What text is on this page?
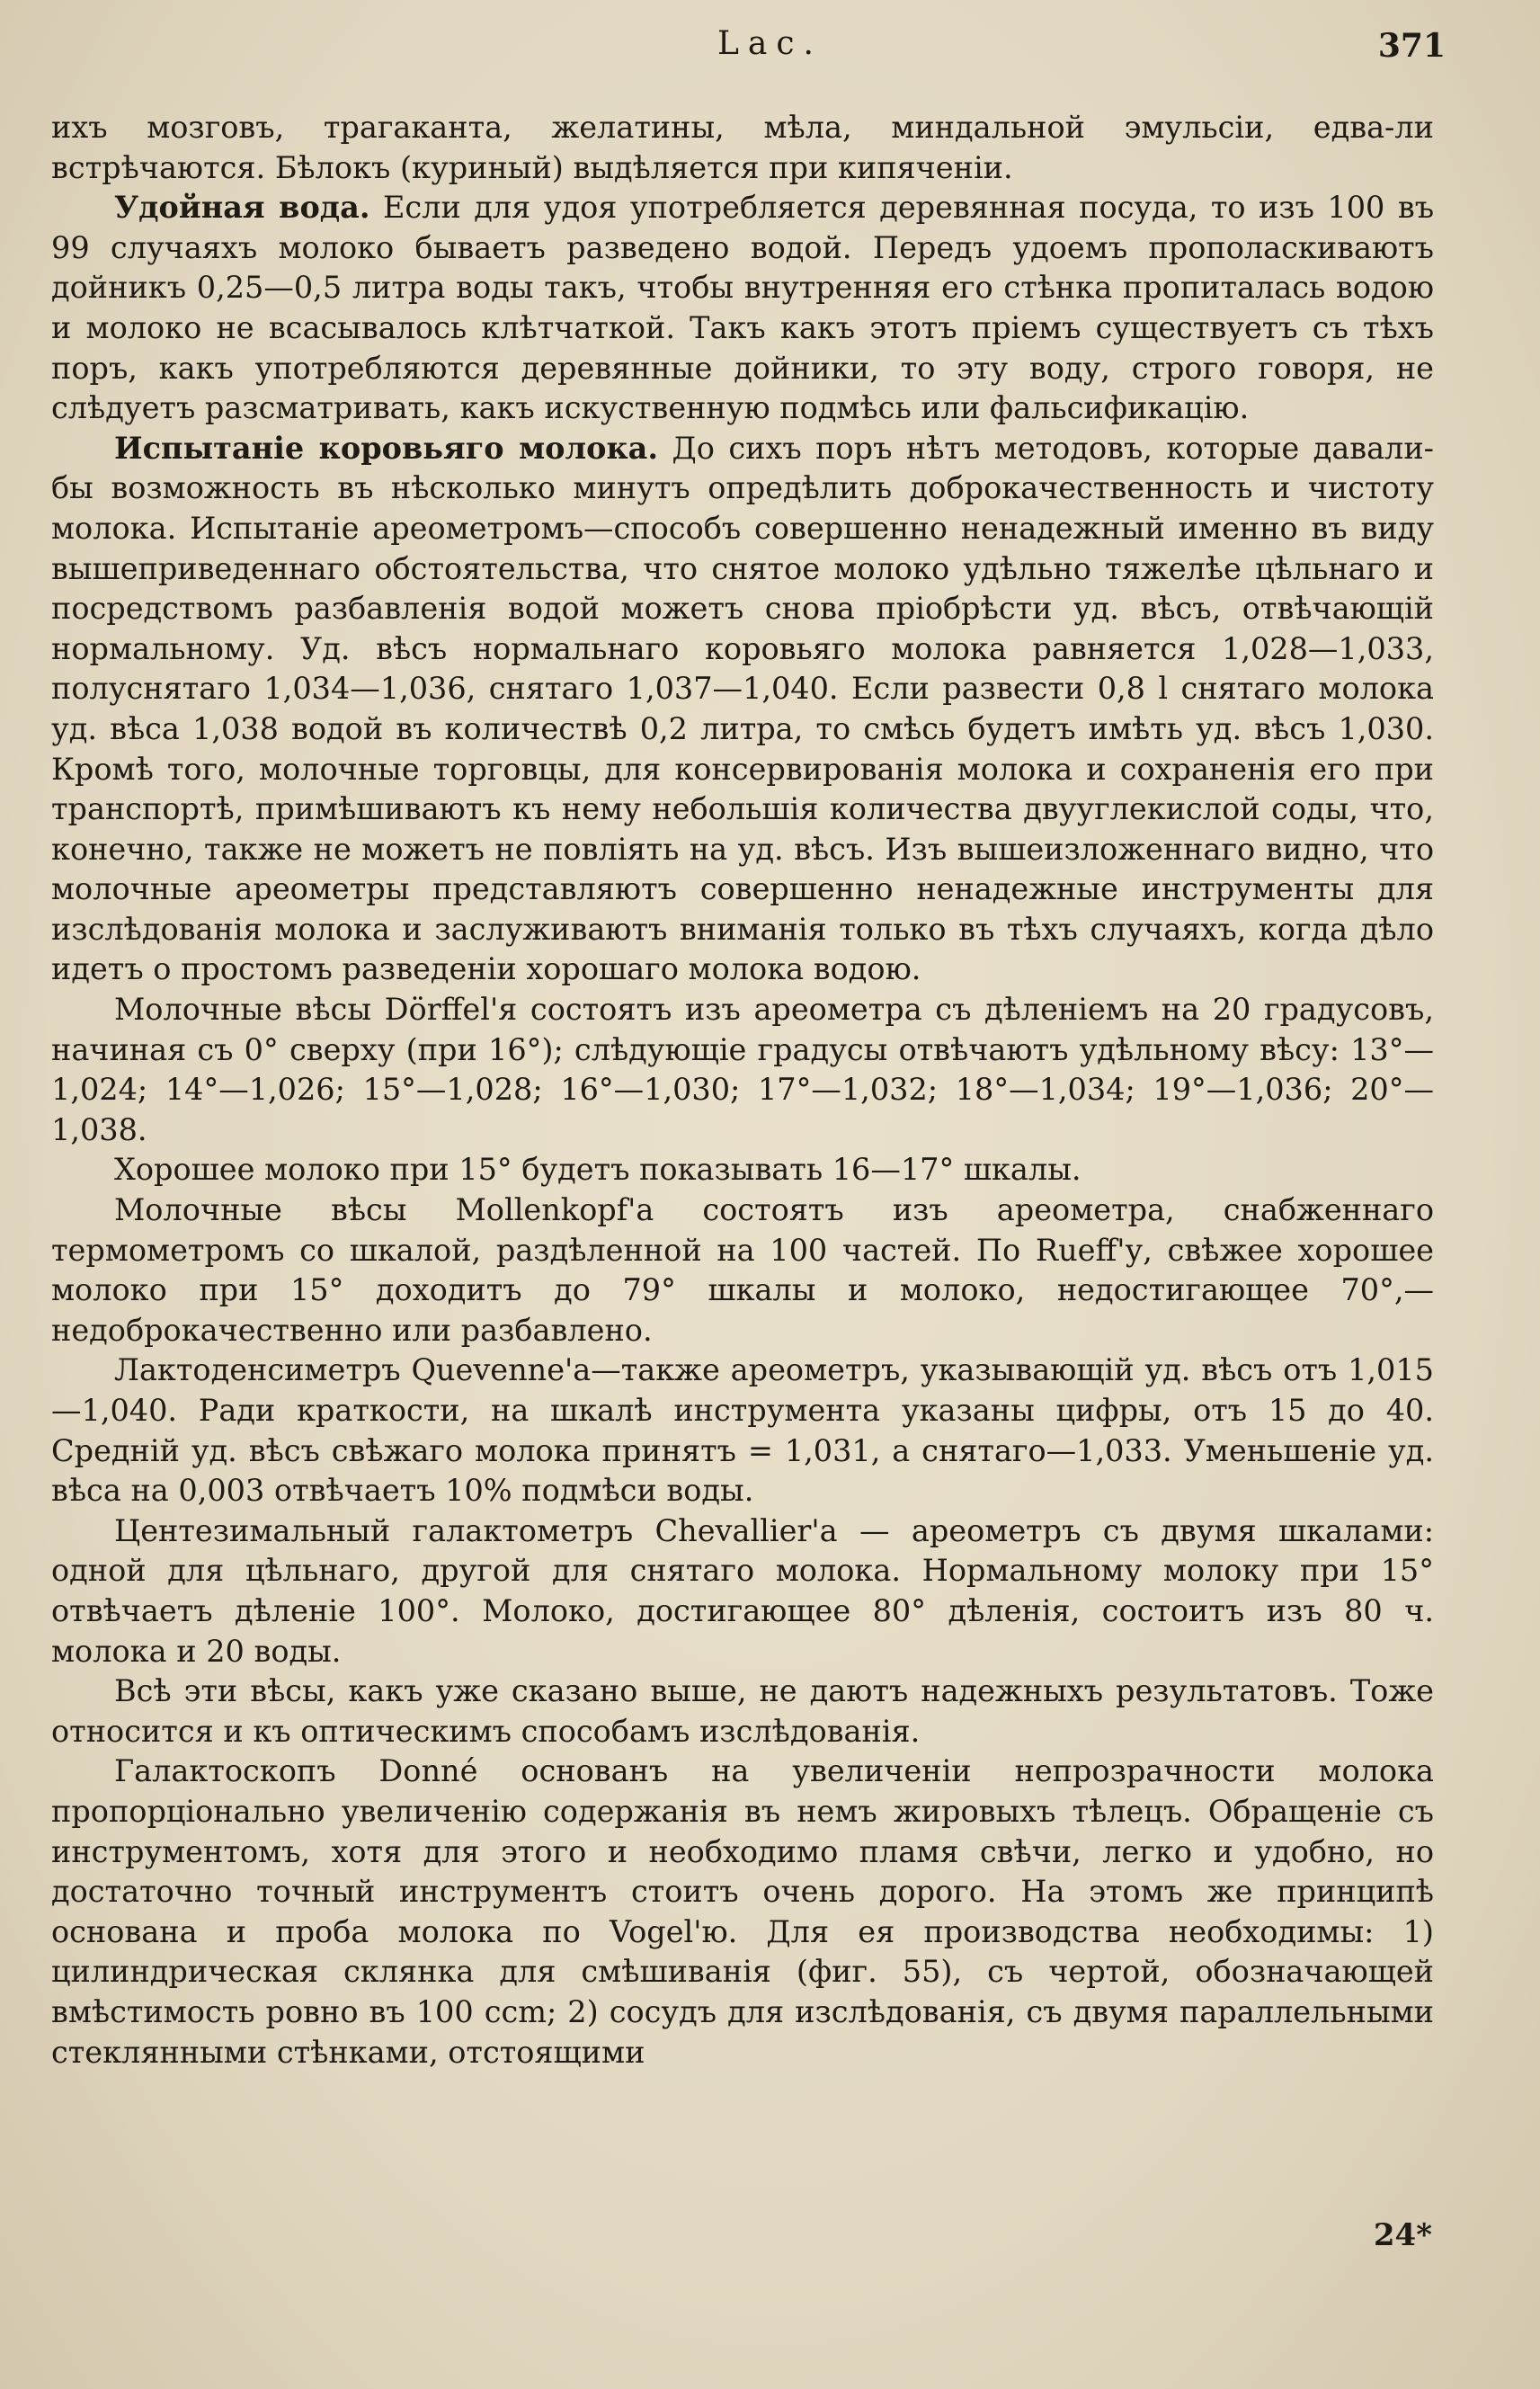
Lac.	371

ихъ мозговъ, трагаканта, желатины, мѣла, миндальной эмульсіи, едва-ли встрѣчаются. Бѣлокъ (куриный) выдѣляется при кипяченіи.

Удойная вода. Если для удоя употребляется деревянная посуда, то изъ 100 въ 99 случаяхъ молоко бываетъ разведено водой. Передъ удоемъ прополаскиваютъ дойникъ 0,25—0,5 литра воды такъ, чтобы внутренняя его стѣнка пропиталась водою и молоко не всасывалось клѣтчаткой. Такъ какъ этотъ пріемъ существуетъ съ тѣхъ поръ, какъ употребляются деревянные дойники, то эту воду, строго говоря, не слѣдуетъ разсматривать, какъ искуственную подмѣсь или фальсификацію.

Испытаніе коровьяго молока. До сихъ поръ нѣтъ методовъ, которые давали-бы возможность въ нѣсколько минутъ опредѣлить доброкачественность и чистоту молока. Испытаніе ареометромъ—способъ совершенно ненадежный именно въ виду вышеприведеннаго обстоятельства, что снятое молоко удѣльно тяжелѣе цѣльнаго и посредствомъ разбавленія водой можетъ снова пріобрѣсти уд. вѣсъ, отвѣчающій нормальному. Уд. вѣсъ нормальнаго коровьяго молока равняется 1,028—1,033, полуснятаго 1,034—1,036, снятаго 1,037—1,040. Если развести 0,8 l снятаго молока уд. вѣса 1,038 водой въ количествѣ 0,2 литра, то смѣсь будетъ имѣть уд. вѣсъ 1,030. Кромѣ того, молочные торговцы, для консервированія молока и сохраненія его при транспортѣ, примѣшиваютъ къ нему небольшія количества двууглекислой соды, что, конечно, также не можетъ не повліять на уд. вѣсъ. Изъ вышеизложеннаго видно, что молочные ареометры представляютъ совершенно ненадежные инструменты для изслѣдованія молока и заслуживаютъ вниманія только въ тѣхъ случаяхъ, когда дѣло идетъ о простомъ разведеніи хорошаго молока водою.

Молочные вѣсы Dörffel'я состоятъ изъ ареометра съ дѣленіемъ на 20 градусовъ, начиная съ 0° сверху (при 16°); слѣдующіе градусы отвѣчаютъ удѣльному вѣсу: 13°—1,024; 14°—1,026; 15°—1,028; 16°—1,030; 17°—1,032; 18°—1,034; 19°—1,036; 20°—1,038.

Хорошее молоко при 15° будетъ показывать 16—17° шкалы.

Молочные вѣсы Mollenkopf'а состоятъ изъ ареометра, снабженнаго термометромъ со шкалой, раздѣленной на 100 частей. По Rueff'у, свѣжее хорошее молоко при 15° доходитъ до 79° шкалы и молоко, недостигающее 70°,—недоброкачественно или разбавлено.

Лактоденсиметръ Quevenne'а—также ареометръ, указывающій уд. вѣсъ отъ 1,015—1,040. Ради краткости, на шкалѣ инструмента указаны цифры, отъ 15 до 40. Средній уд. вѣсъ свѣжаго молока принятъ = 1,031, а снятаго—1,033. Уменьшеніе уд. вѣса на 0,003 отвѣчаетъ 10% подмѣси воды.

Центезимальный галактометръ Chevallier'а — ареометръ съ двумя шкалами: одной для цѣльнаго, другой для снятаго молока. Нормальному молоку при 15° отвѣчаетъ дѣленіе 100°. Молоко, достигающее 80° дѣленія, состоитъ изъ 80 ч. молока и 20 воды.

Всѣ эти вѣсы, какъ уже сказано выше, не даютъ надежныхъ результатовъ. Тоже относится и къ оптическимъ способамъ изслѣдованія.

Галактоскопъ Donné основанъ на увеличеніи непрозрачности молока пропорціонально увеличенію содержанія въ немъ жировыхъ тѣлецъ. Обращеніе съ инструментомъ, хотя для этого и необходимо пламя свѣчи, легко и удобно, но достаточно точный инструментъ стоитъ очень дорого. На этомъ же принципѣ основана и проба молока по Vogel'ю. Для ея производства необходимы: 1) цилиндрическая склянка для смѣшиванія (фиг. 55), съ чертой, обозначающей вмѣстимость ровно въ 100 ccm; 2) сосудъ для изслѣдованія, съ двумя параллельными стеклянными стѣнками, отстоящими

24*
